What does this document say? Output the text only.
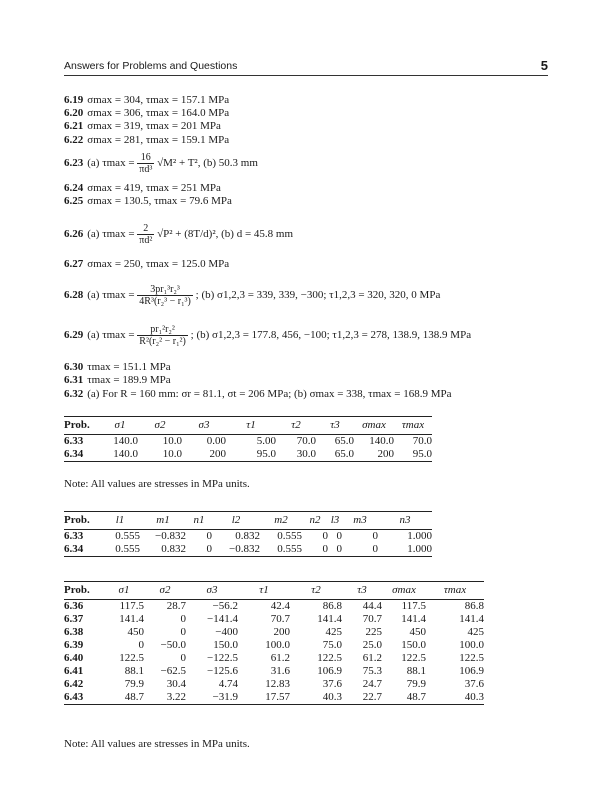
Answers for Problems and Questions	5
6.19 σmax = 304, τmax = 157.1 MPa
6.20 σmax = 306, τmax = 164.0 MPa
6.21 σmax = 319, τmax = 201 MPa
6.22 σmax = 281, τmax = 159.1 MPa
6.23 (a) $\tau\max = \frac{16}{\text{πd³}} √M^2 + T^2$, (b) 50.3 mm
6.24 σmax = 419, τmax = 251 MPa
6.25 σmax = 130.5, τmax = 79.6 MPa
6.26 (a) $\tau\max = \frac{2}{\text{πd²}} √P^2 + (8T/d)^2$, (b) d = 45.8 mm
6.27 σmax = 250, τmax = 125.0 MPa
6.28 (a) $\tau\max = \frac{\text{3pr₁³r₂³}}{\text{4R³(r₂³ − r₁³)}}$ ; (b) σ1,2,3 = 339, 339, −300; τ1,2,3 = 320, 320, 0 MPa
6.29 (a) $\tau\max = \frac{\text{pr₁²r₂²}}{\text{R²(r₂² − r₁²)}}$ ; (b) σ1,2,3 = 177.8, 456, −100; τ1,2,3 = 278, 138.9, 138.9 MPa
6.30 τmax = 151.1 MPa
6.31 τmax = 189.9 MPa
6.32 (a) For R = 160 mm: σr = 81.1, σt = 206 MPa; (b) σmax = 338, τmax = 168.9 MPa
Prob.	σ1	σ2	σ3	τ1	τ2	τ3	σmax	τmax
6.33	140.0	10.0	0.00	5.00	70.0	65.0	140.0	70.0
6.34	140.0	10.0	200	95.0	30.0	65.0	200	95.0
Note: All values are stresses in MPa units.
Prob.	l1	m1	n1	l2	m2	n2	l3	m3	n3
6.33	0.555	−0.832	0	0.832	0.555	0	0	0	1.000
6.34	0.555	0.832	0	−0.832	0.555	0	0	0	1.000
Prob.	σ1	σ2	σ3	τ1	τ2	τ3	σmax	τmax
6.36	117.5	28.7	−56.2	42.4	86.8	44.4	117.5	86.8
6.37	141.4	0	−141.4	70.7	141.4	70.7	141.4	141.4
6.38	450	0	−400	200	425	225	450	425
6.39	0	−50.0	150.0	100.0	75.0	25.0	150.0	100.0
6.40	122.5	0	−122.5	61.2	122.5	61.2	122.5	122.5
6.41	88.1	−62.5	−125.6	31.6	106.9	75.3	88.1	106.9
6.42	79.9	30.4	4.74	12.83	37.6	24.7	79.9	37.6
6.43	48.7	3.22	−31.9	17.57	40.3	22.7	48.7	40.3
Note: All values are stresses in MPa units.
